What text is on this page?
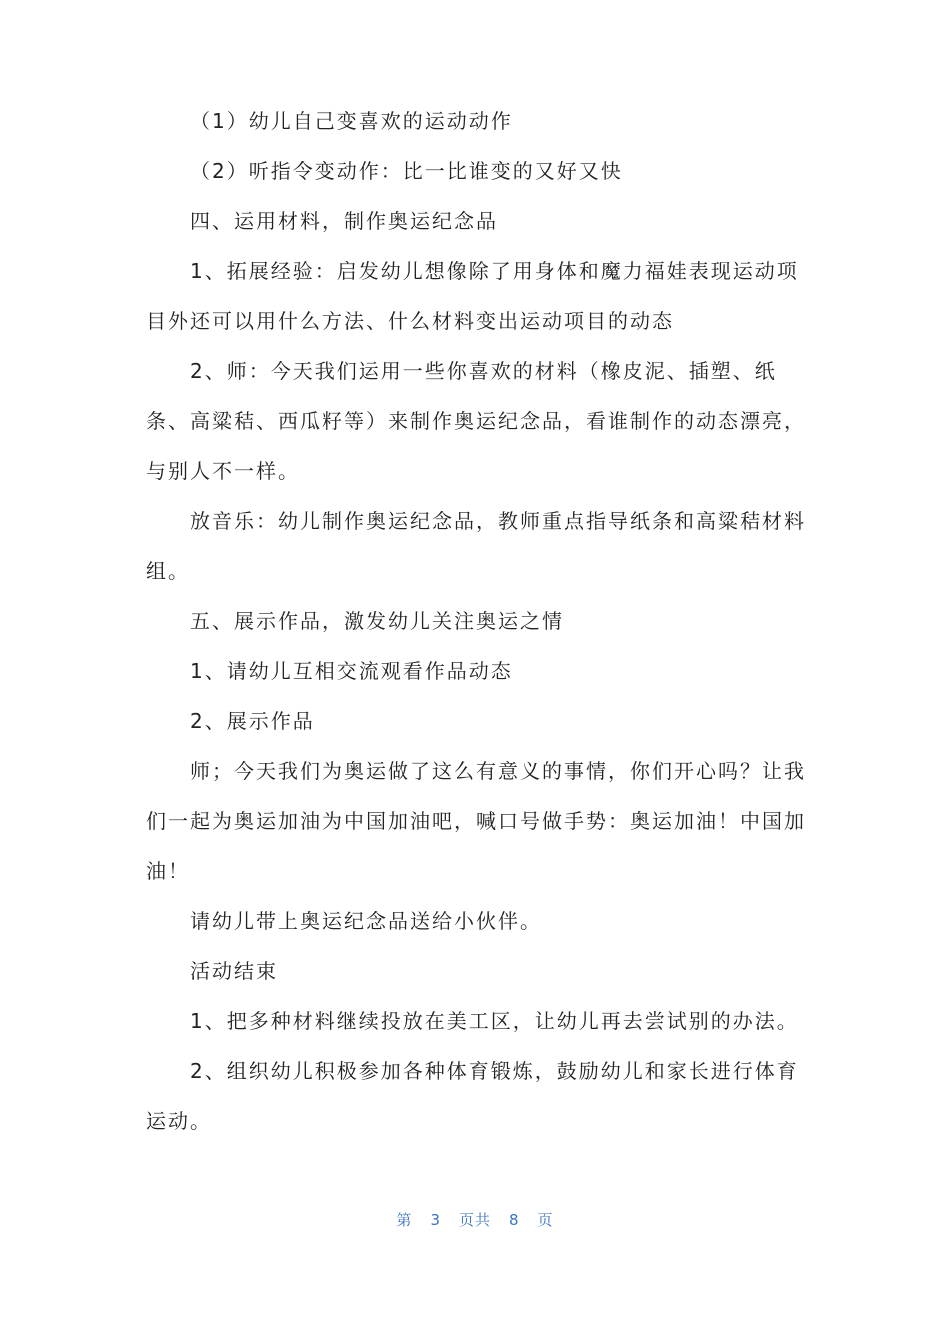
（1）幼儿自己变喜欢的运动动作

（2）听指令变动作：比一比谁变的又好又快

四、运用材料，制作奥运纪念品

1、拓展经验：启发幼儿想像除了用身体和魔力福娃表现运动项目外还可以用什么方法、什么材料变出运动项目的动态

2、师：今天我们运用一些你喜欢的材料（橡皮泥、插塑、纸条、高粱秸、西瓜籽等）来制作奥运纪念品，看谁制作的动态漂亮，与别人不一样。

放音乐：幼儿制作奥运纪念品，教师重点指导纸条和高粱秸材料组。

五、展示作品，激发幼儿关注奥运之情

1、请幼儿互相交流观看作品动态

2、展示作品

师；今天我们为奥运做了这么有意义的事情，你们开心吗？让我们一起为奥运加油为中国加油吧，喊口号做手势：奥运加油！中国加油！

请幼儿带上奥运纪念品送给小伙伴。

活动结束

1、把多种材料继续投放在美工区，让幼儿再去尝试别的办法。

2、组织幼儿积极参加各种体育锻炼，鼓励幼儿和家长进行体育运动。

第 3 页共 8 页
